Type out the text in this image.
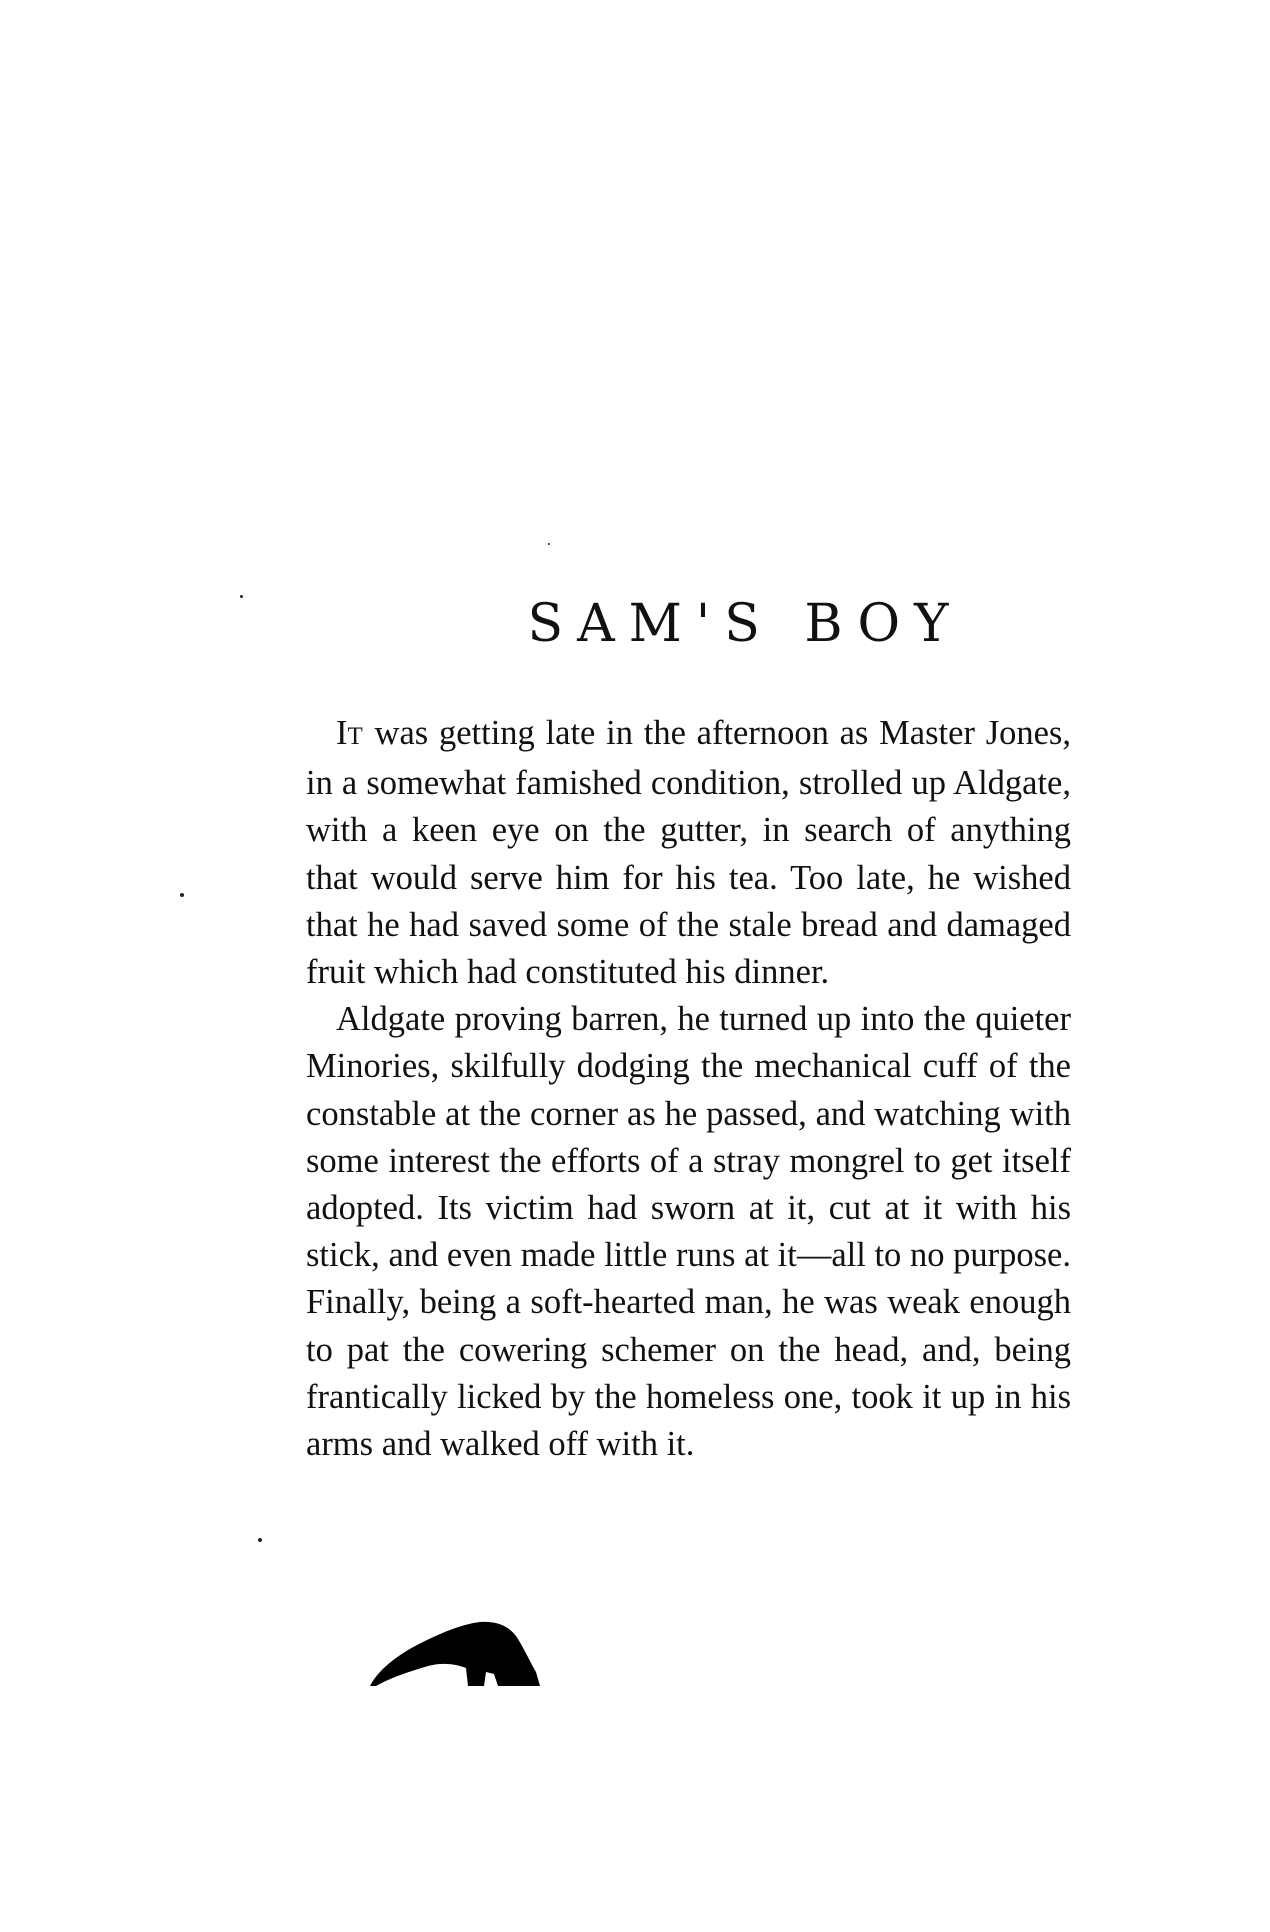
SAM'S BOY

IT was getting late in the afternoon as Master Jones, in a somewhat famished condition, strolled up Aldgate, with a keen eye on the gutter, in search of anything that would serve him for his tea. Too late, he wished that he had saved some of the stale bread and damaged fruit which had constituted his dinner.

Aldgate proving barren, he turned up into the quieter Minories, skilfully dodging the mechanical cuff of the constable at the corner as he passed, and watching with some interest the efforts of a stray mongrel to get itself adopted. Its victim had sworn at it, cut at it with his stick, and even made little runs at it—all to no purpose. Finally, being a soft-hearted man, he was weak enough to pat the cowering schemer on the head, and, being frantically licked by the homeless one, took it up in his arms and walked off with it.
